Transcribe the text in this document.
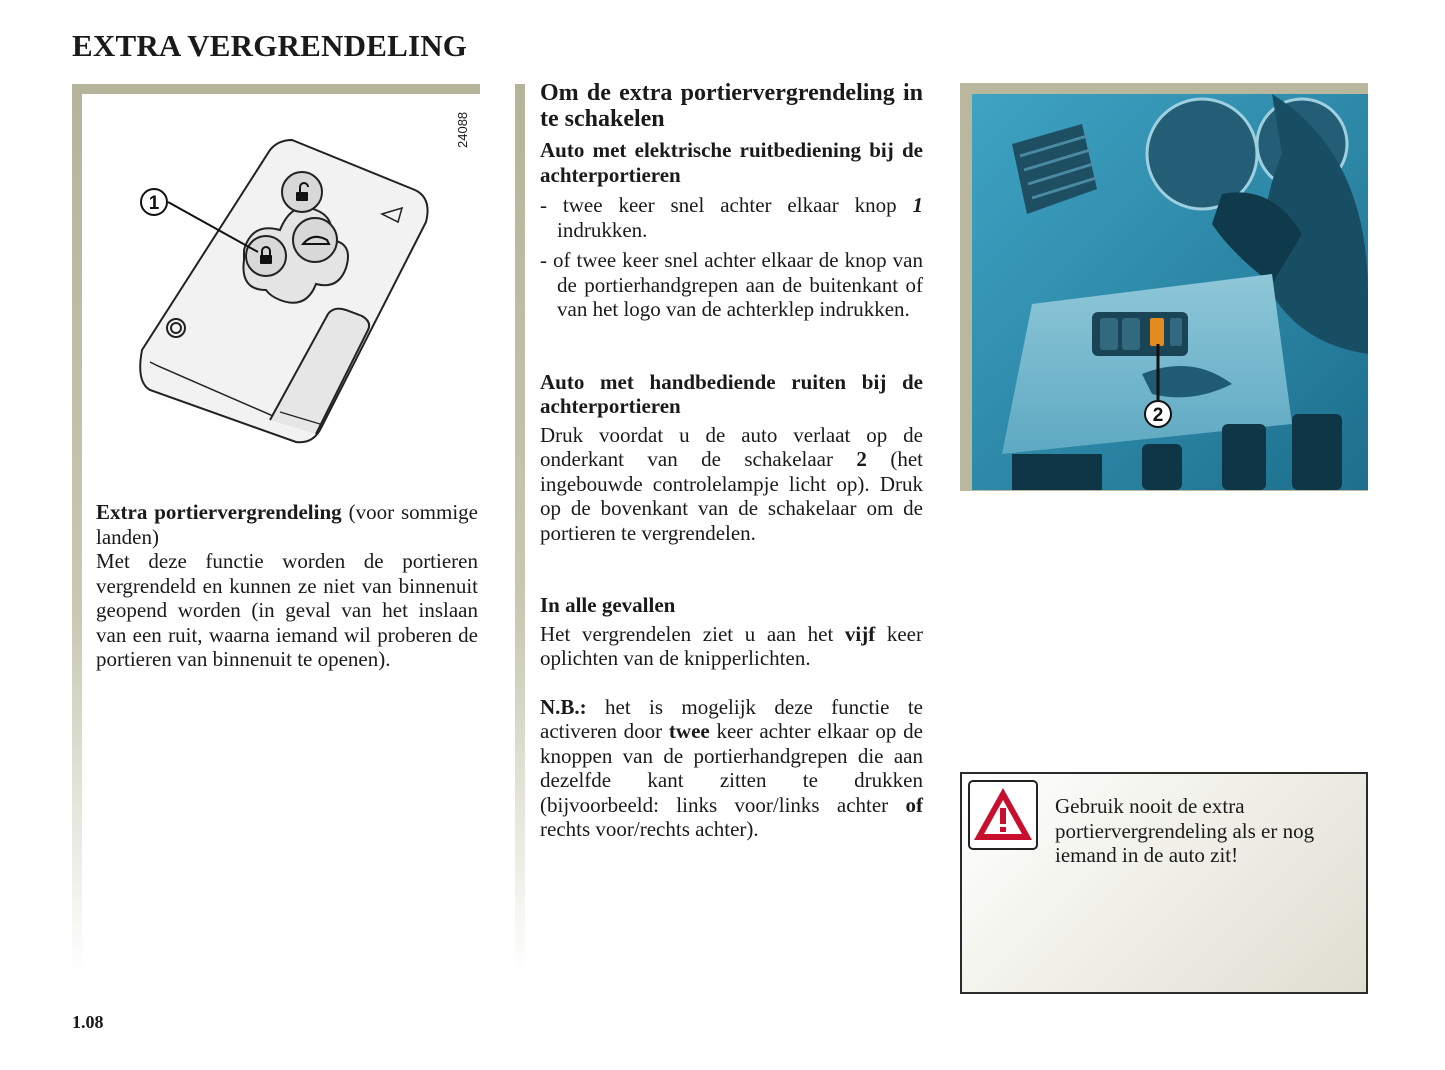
EXTRA VERGRENDELING
24088
1

Extra portiervergrendeling (voor sommige landen)

Met deze functie worden de portieren vergrendeld en kunnen ze niet van binnenuit geopend worden (in geval van het inslaan van een ruit, waarna iemand wil proberen de portieren van binnenuit te openen).

Om de extra portiervergrendeling in te schakelen
Auto met elektrische ruitbediening bij de achterportieren
- twee keer snel achter elkaar knop 1 indrukken.
- of twee keer snel achter elkaar de knop van de portierhandgrepen aan de buitenkant of van het logo van de achterklep indrukken.
Auto met handbediende ruiten bij de achterportieren

Druk voordat u de auto verlaat op de onderkant van de schakelaar 2 (het ingebouwde controlelampje licht op). Druk op de bovenkant van de schakelaar om de portieren te vergrendelen.

In alle gevallen

Het vergrendelen ziet u aan het vijf keer oplichten van de knipperlichten.

N.B.: het is mogelijk deze functie te activeren door twee keer achter elkaar op de knoppen van de portierhandgrepen die aan dezelfde kant zitten te drukken (bijvoorbeeld: links voor/links achter of rechts voor/rechts achter).

2

Gebruik nooit de extra portiervergrendeling als er nog iemand in de auto zit!

1.08
